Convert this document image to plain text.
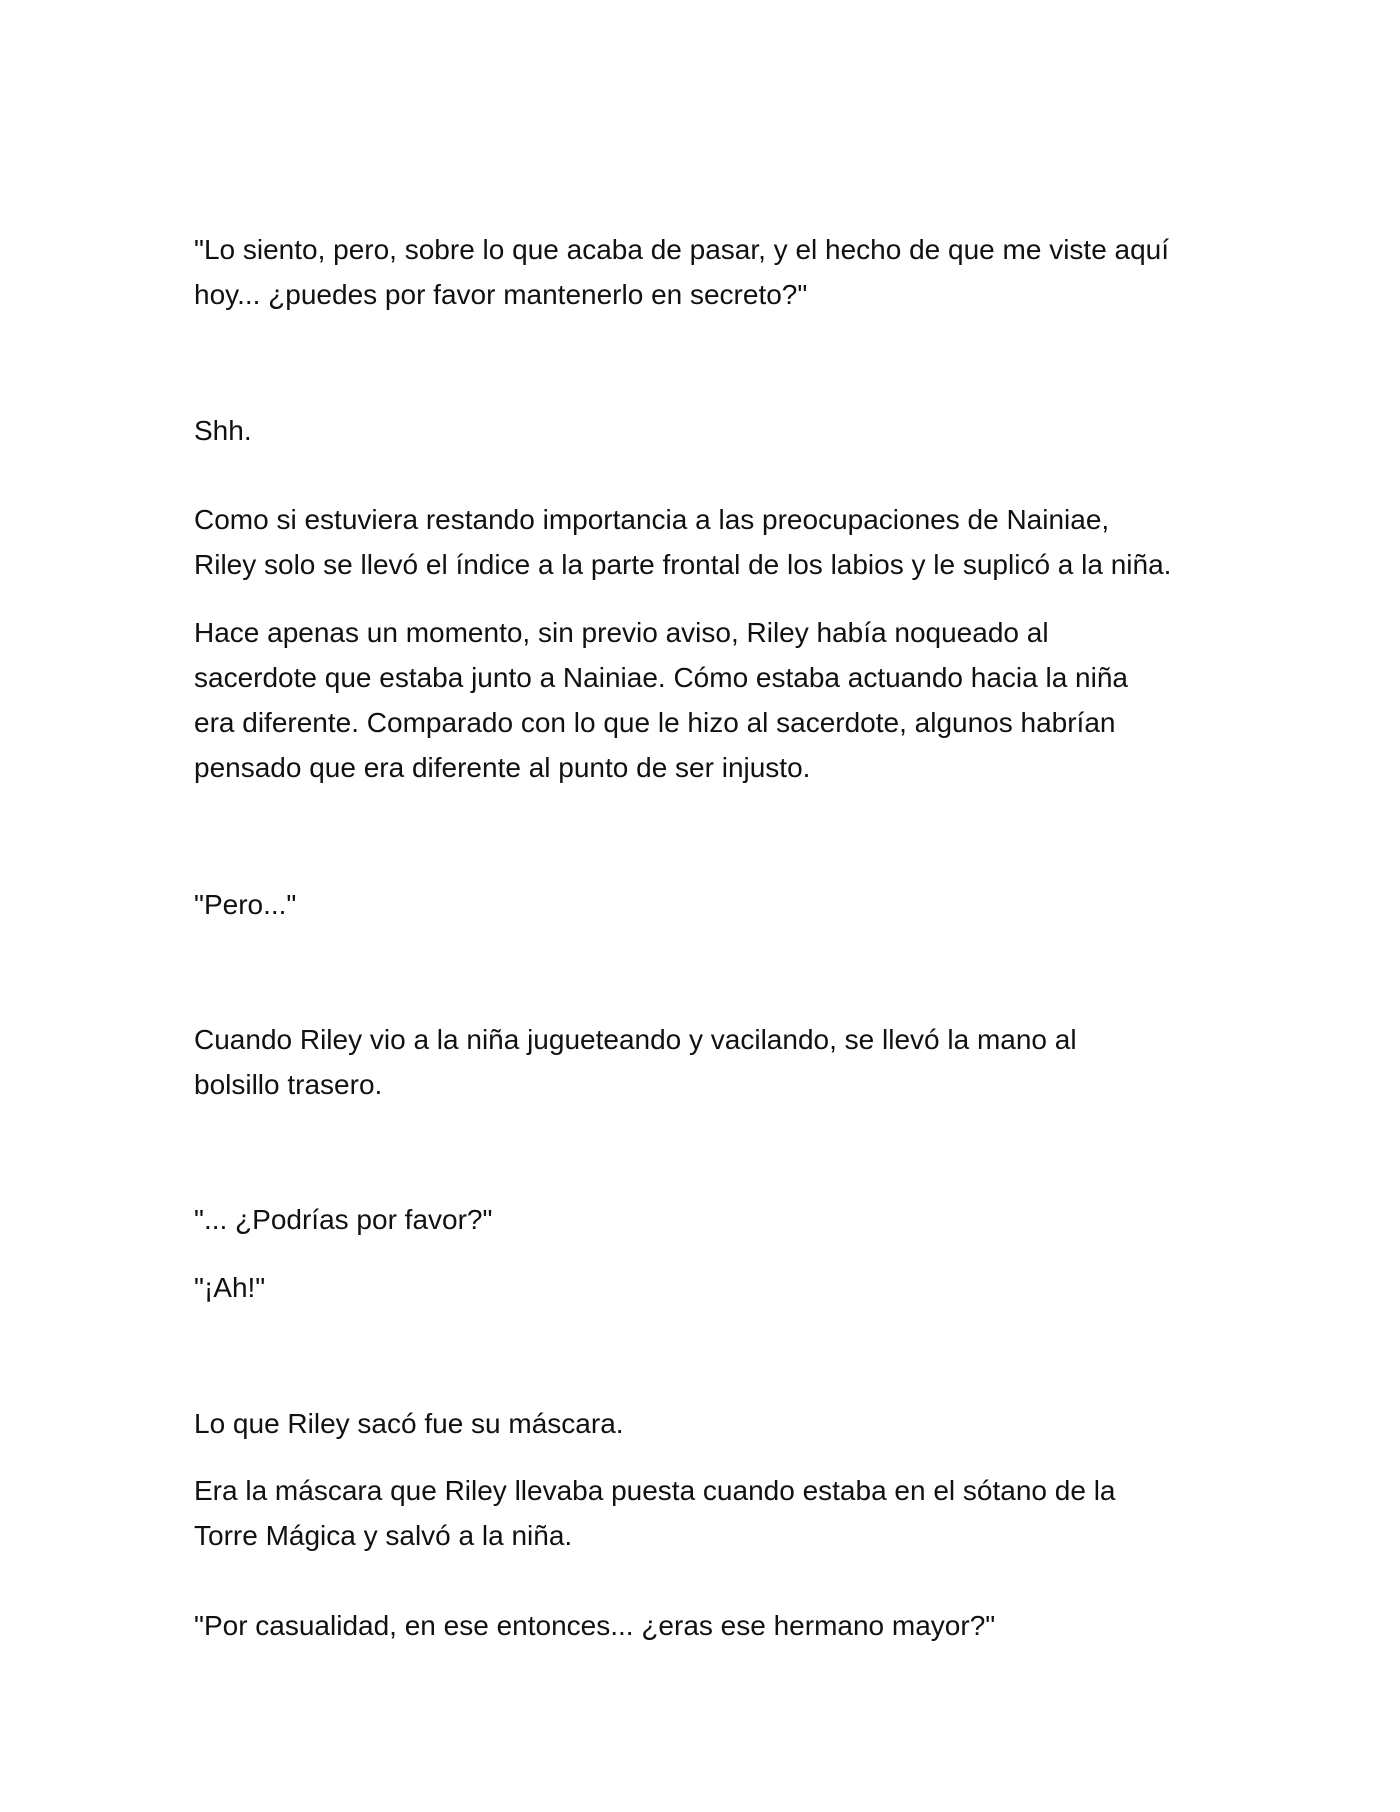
"Lo siento, pero, sobre lo que acaba de pasar, y el hecho de que me viste aquí
hoy... ¿puedes por favor mantenerlo en secreto?"

Shh.

Como si estuviera restando importancia a las preocupaciones de Nainiae,
Riley solo se llevó el índice a la parte frontal de los labios y le suplicó a la niña.

Hace apenas un momento, sin previo aviso, Riley había noqueado al
sacerdote que estaba junto a Nainiae. Cómo estaba actuando hacia la niña
era diferente. Comparado con lo que le hizo al sacerdote, algunos habrían
pensado que era diferente al punto de ser injusto.

"Pero..."

Cuando Riley vio a la niña jugueteando y vacilando, se llevó la mano al
bolsillo trasero.

"... ¿Podrías por favor?"

"¡Ah!"

Lo que Riley sacó fue su máscara.

Era la máscara que Riley llevaba puesta cuando estaba en el sótano de la
Torre Mágica y salvó a la niña.

"Por casualidad, en ese entonces... ¿eras ese hermano mayor?"
